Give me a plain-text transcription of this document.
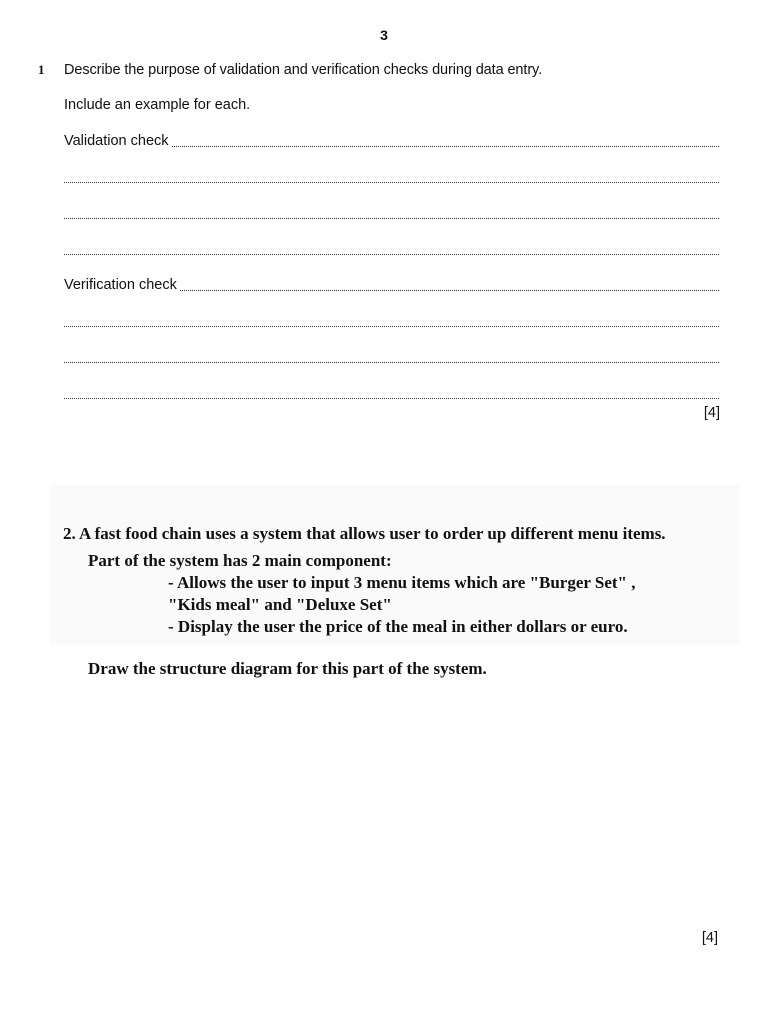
3
1 Describe the purpose of validation and verification checks during data entry.
Include an example for each.
Validation check
Verification check
[4]
2. A fast food chain uses a system that allows user to order up different menu items.
Part of the system has 2 main component:
- Allows the user to input 3 menu items which are "Burger Set" ,
"Kids meal" and "Deluxe Set"
- Display the user the price of the meal in either dollars or euro.
Draw the structure diagram for this part of the system.
[4]
